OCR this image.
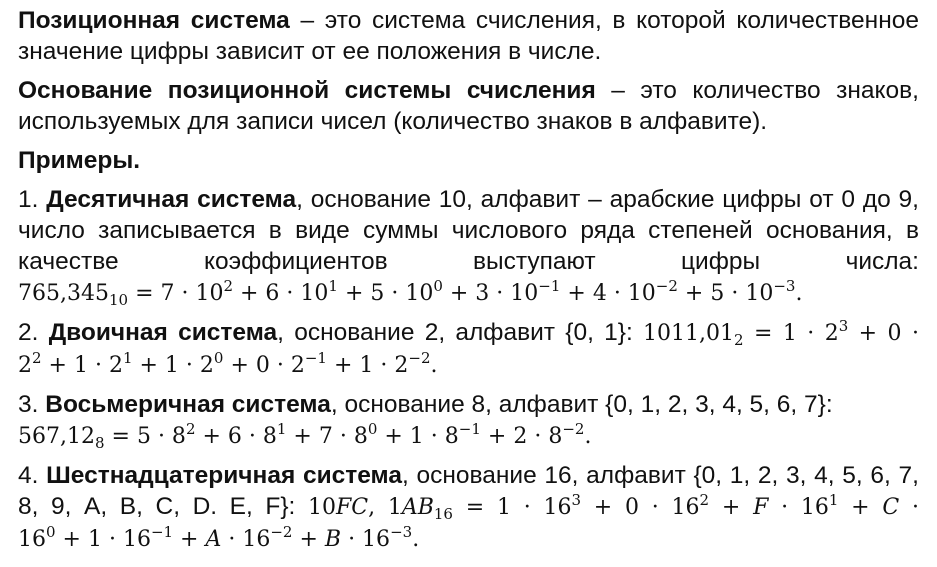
Позиционная система – это система счисления, в которой количественное значение цифры зависит от ее положения в числе.

Основание позиционной системы счисления – это количество знаков, используемых для записи чисел (количество знаков в алфавите).

Примеры.

1. Десятичная система, основание 10, алфавит – арабские цифры от 0 до 9, число записывается в виде суммы числового ряда степеней основания, в качестве коэффициентов выступают цифры числа: $765,345_{10} = 7 \cdot 10^2 + 6 \cdot 10^1 + 5 \cdot 10^0 + 3 \cdot 10^{-1} + 4 \cdot 10^{-2} + 5 \cdot 10^{-3}$.

2. Двоичная система, основание 2, алфавит {0, 1}: $1011,01_2 = 1 \cdot 2^3 + 0 \cdot 2^2 + 1 \cdot 2^1 + 1 \cdot 2^0 + 0 \cdot 2^{-1} + 1 \cdot 2^{-2}$.

3. Восьмеричная система, основание 8, алфавит {0, 1, 2, 3, 4, 5, 6, 7}:
$567,12_8 = 5 \cdot 8^2 + 6 \cdot 8^1 + 7 \cdot 8^0 + 1 \cdot 8^{-1} + 2 \cdot 8^{-2}$.

4. Шестнадцатеричная система, основание 16, алфавит {0, 1, 2, 3, 4, 5, 6, 7, 8, 9, A, B, C, D. E, F}: 10FC, $1AB_{16} = 1 \cdot 16^3 + 0 \cdot 16^2 + F \cdot 16^1 + C \cdot 16^0 + 1 \cdot 16^{-1} + A \cdot 16^{-2} + B \cdot 16^{-3}$.
